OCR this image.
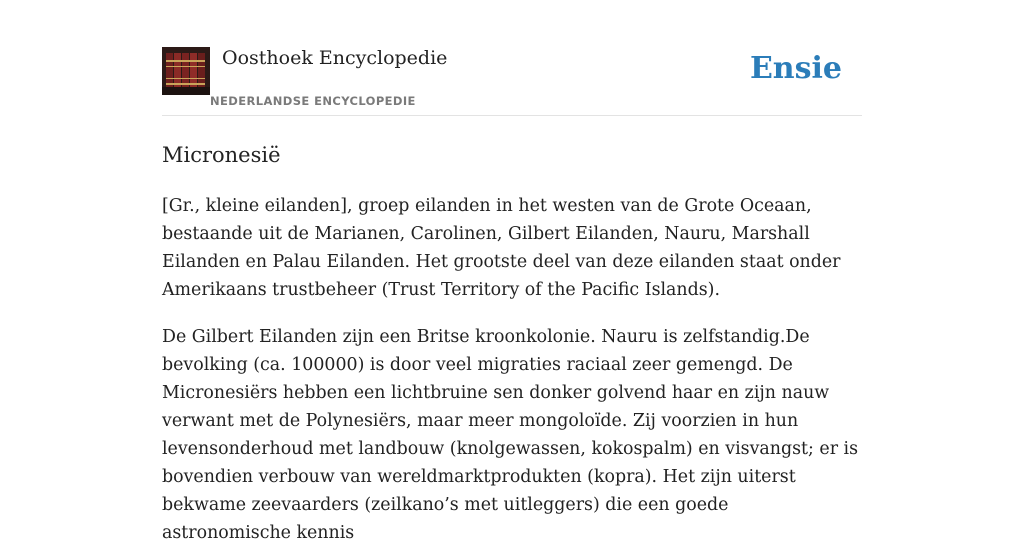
Oosthoek Encyclopedie
NEDERLANDSE ENCYCLOPEDIE
Ensie
Micronesië

[Gr., kleine eilanden], groep eilanden in het westen van de Grote Oceaan, bestaande uit de Marianen, Carolinen, Gilbert Eilanden, Nauru, Marshall Eilanden en Palau Eilanden. Het grootste deel van deze eilanden staat onder Amerikaans trustbeheer (Trust Territory of the Pacific Islands).

De Gilbert Eilanden zijn een Britse kroonkolonie. Nauru is zelfstandig.De bevolking (ca. 100000) is door veel migraties raciaal zeer gemengd. De Micronesiërs hebben een lichtbruine sen donker golvend haar en zijn nauw verwant met de Polynesiërs, maar meer mongoloïde. Zij voorzien in hun levensonderhoud met landbouw (knolgewassen, kokospalm) en visvangst; er is bovendien verbouw van wereldmarktprodukten (kopra). Het zijn uiterst bekwame zeevaarders (zeilkano’s met uitleggers) die een goede astronomische kennis
